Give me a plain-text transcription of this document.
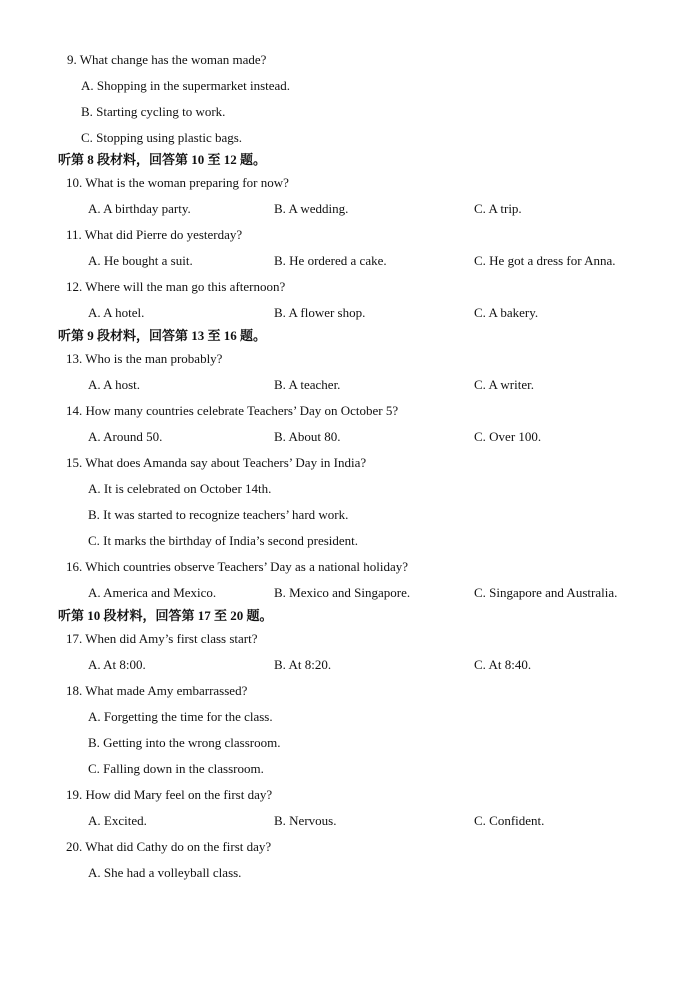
9. What change has the woman made?
A. Shopping in the supermarket instead.
B. Starting cycling to work.
C. Stopping using plastic bags.
听第 8 段材料，回答第 10 至 12 题。
10. What is the woman preparing for now?
A. A birthday party.	B. A wedding.	C. A trip.
11. What did Pierre do yesterday?
A. He bought a suit.	B. He ordered a cake.	C. He got a dress for Anna.
12. Where will the man go this afternoon?
A. A hotel.	B. A flower shop.	C. A bakery.
听第 9 段材料，回答第 13 至 16 题。
13. Who is the man probably?
A. A host.	B. A teacher.	C. A writer.
14. How many countries celebrate Teachers’ Day on October 5?
A. Around 50.	B. About 80.	C. Over 100.
15. What does Amanda say about Teachers’ Day in India?
A. It is celebrated on October 14th.
B. It was started to recognize teachers’ hard work.
C. It marks the birthday of India’s second president.
16. Which countries observe Teachers’ Day as a national holiday?
A. America and Mexico.	B. Mexico and Singapore.	C. Singapore and Australia.
听第 10 段材料，回答第 17 至 20 题。
17. When did Amy’s first class start?
A. At 8:00.	B. At 8:20.	C. At 8:40.
18. What made Amy embarrassed?
A. Forgetting the time for the class.
B. Getting into the wrong classroom.
C. Falling down in the classroom.
19. How did Mary feel on the first day?
A. Excited.	B. Nervous.	C. Confident.
20. What did Cathy do on the first day?
A. She had a volleyball class.
